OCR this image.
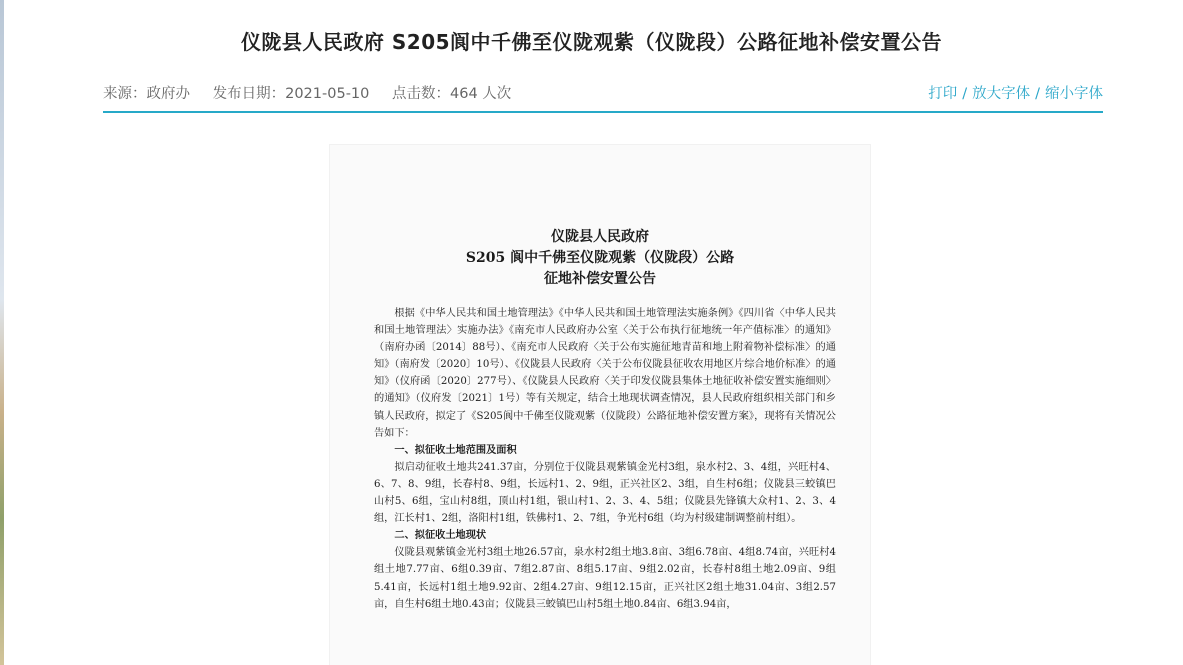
仪陇县人民政府 S205阆中千佛至仪陇观紫（仪陇段）公路征地补偿安置公告
来源：政府办 发布日期：2021-05-10 点击数：464 人次	打印 / 放大字体 / 缩小字体
仪陇县人民政府
S205 阆中千佛至仪陇观紫（仪陇段）公路
征地补偿安置公告

根据《中华人民共和国土地管理法》《中华人民共和国土地管理法实施条例》《四川省〈中华人民共和国土地管理法〉实施办法》《南充市人民政府办公室〈关于公布执行征地统一年产值标准〉的通知》（南府办函〔2014〕88号）、《南充市人民政府〈关于公布实施征地青苗和地上附着物补偿标准〉的通知》（南府发〔2020〕10号）、《仪陇县人民政府〈关于公布仪陇县征收农用地区片综合地价标准〉的通知》（仪府函〔2020〕277号）、《仪陇县人民政府〈关于印发仪陇县集体土地征收补偿安置实施细则〉的通知》（仪府发〔2021〕1号）等有关规定，结合土地现状调查情况，县人民政府组织相关部门和乡镇人民政府，拟定了《S205阆中千佛至仪陇观紫（仪陇段）公路征地补偿安置方案》，现将有关情况公告如下：

一、拟征收土地范围及面积

拟启动征收土地共241.37亩，分别位于仪陇县观紫镇金光村3组，泉水村2、3、4组，兴旺村4、6、7、8、9组，长春村8、9组，长远村1、2、9组，正兴社区2、3组，自生村6组；仪陇县三蛟镇巴山村5、6组，宝山村8组，顶山村1组，银山村1、2、3、4、5组；仪陇县先锋镇大众村1、2、3、4组，江长村1、2组，洛阳村1组，铁佛村1、2、7组，争光村6组（均为村级建制调整前村组）。

二、拟征收土地现状

仪陇县观紫镇金光村3组土地26.57亩，泉水村2组土地3.8亩、3组6.78亩、4组8.74亩，兴旺村4组土地7.77亩、6组0.39亩、7组2.87亩、8组5.17亩、9组2.02亩，长春村8组土地2.09亩、9组5.41亩，长远村1组土地9.92亩、2组4.27亩、9组12.15亩，正兴社区2组土地31.04亩、3组2.57亩，自生村6组土地0.43亩；仪陇县三蛟镇巴山村5组土地0.84亩、6组3.94亩，
